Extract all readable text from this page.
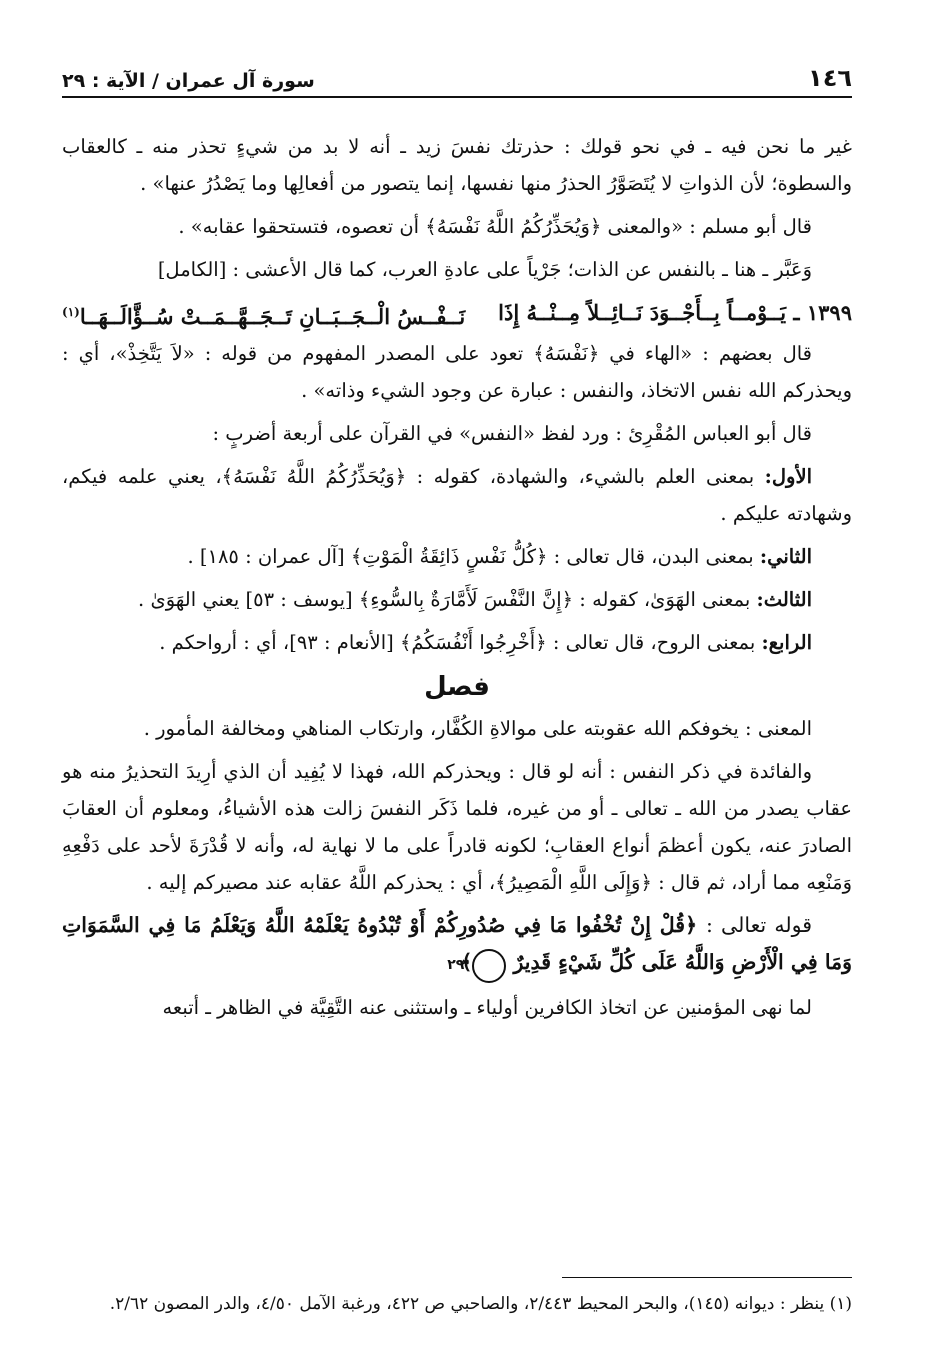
١٤٦
سورة آل عمران / الآية : ٢٩

غير ما نحن فيه ـ في نحو قولك : حذرتك نفسَ زيد ـ أنه لا بد من شيءٍ تحذر منه ـ كالعقاب والسطوة؛ لأن الذواتِ لا يُتَصَوَّرُ الحذرُ منها نفسها، إنما يتصور من أفعالِها وما يَصْدُرُ عنها» .

قال أبو مسلم : «والمعنى ﴿وَيُحَذِّرُكُمُ اللَّهُ نَفْسَهُ﴾ أن تعصوه، فتستحقوا عقابه» .

وَعَبَّر ـ هنا ـ بالنفس عن الذات؛ جَرْياً على عادةِ العرب، كما قال الأعشى : [الكامل]

١٣٩٩ ـ يَــوْمــاً بِــأَجْــوَدَ نَــائِــلاً مِــنْــهُ إِذَا
نَــفْــسُ الْــجَــبَــانِ تَــجَــهَّــمَــتْ سُــؤَّالَــهَــا$^{(١)}$

قال بعضهم : «الهاء في ﴿نَفْسَهُ﴾ تعود على المصدر المفهوم من قوله : «لاَ يَتَّخِذْ»، أي : ويحذركم الله نفس الاتخاذ، والنفس : عبارة عن وجود الشيء وذاته» .

قال أبو العباس المُقْرِئ : ورد لفظ «النفس» في القرآن على أربعة أضربٍ :

الأول: بمعنى العلم بالشيء، والشهادة، كقوله : ﴿وَيُحَذِّرُكُمُ اللَّهُ نَفْسَهُ﴾، يعني علمه فيكم، وشهادته عليكم .

الثاني: بمعنى البدن، قال تعالى : ﴿كُلُّ نَفْسٍ ذَائِقَةُ الْمَوْتِ﴾ [آل عمران : ١٨٥] .

الثالث: بمعنى الهَوَىٰ، كقوله : ﴿إِنَّ النَّفْسَ لَأَمَّارَةٌ بِالسُّوءِ﴾ [يوسف : ٥٣] يعني الهَوَىٰ .

الرابع: بمعنى الروح، قال تعالى : ﴿أَخْرِجُوا أَنْفُسَكُمُ﴾ [الأنعام : ٩٣]، أي : أرواحكم .

فصل

المعنى : يخوفكم الله عقوبته على موالاةِ الكُفَّار، وارتكاب المناهي ومخالفة المأمور .

والفائدة في ذكر النفس : أنه لو قال : ويحذركم الله، فهذا لا يُفِيد أن الذي أرِيدَ التحذيرُ منه هو عقاب يصدر من الله ـ تعالى ـ أو من غيره، فلما ذَكَر النفسَ زالت هذه الأشياءُ، ومعلوم أن العقابَ الصادرَ عنه، يكون أعظمَ أنواع العقابِ؛ لكونه قادراً على ما لا نهاية له، وأنه لا قُدْرَةَ لأحد على دَفْعِهِ وَمَنْعِه مما أراد، ثم قال : ﴿وَإِلَى اللَّهِ الْمَصِيرُ﴾، أي : يحذركم اللَّهُ عقابه عند مصيركم إليه .

قوله تعالى : ﴿قُلْ إِنْ تُخْفُوا مَا فِي صُدُورِكُمْ أَوْ تُبْدُوهُ يَعْلَمْهُ اللَّهُ وَيَعْلَمُ مَا فِي السَّمَوَاتِ وَمَا فِي الْأَرْضِ وَاللَّهُ عَلَى كُلِّ شَيْءٍ قَدِيرٌ ٢٩﴾

لما نهى المؤمنين عن اتخاذ الكافرين أولياء ـ واستثنى عنه التَّقِيَّة في الظاهر ـ أتبعه

(١) ينظر : ديوانه (١٤٥)، والبحر المحيط ٢/٤٤٣، والصاحبي ص ٤٢٢، ورغبة الآمل ٤/٥٠، والدر المصون ٢/٦٢.
